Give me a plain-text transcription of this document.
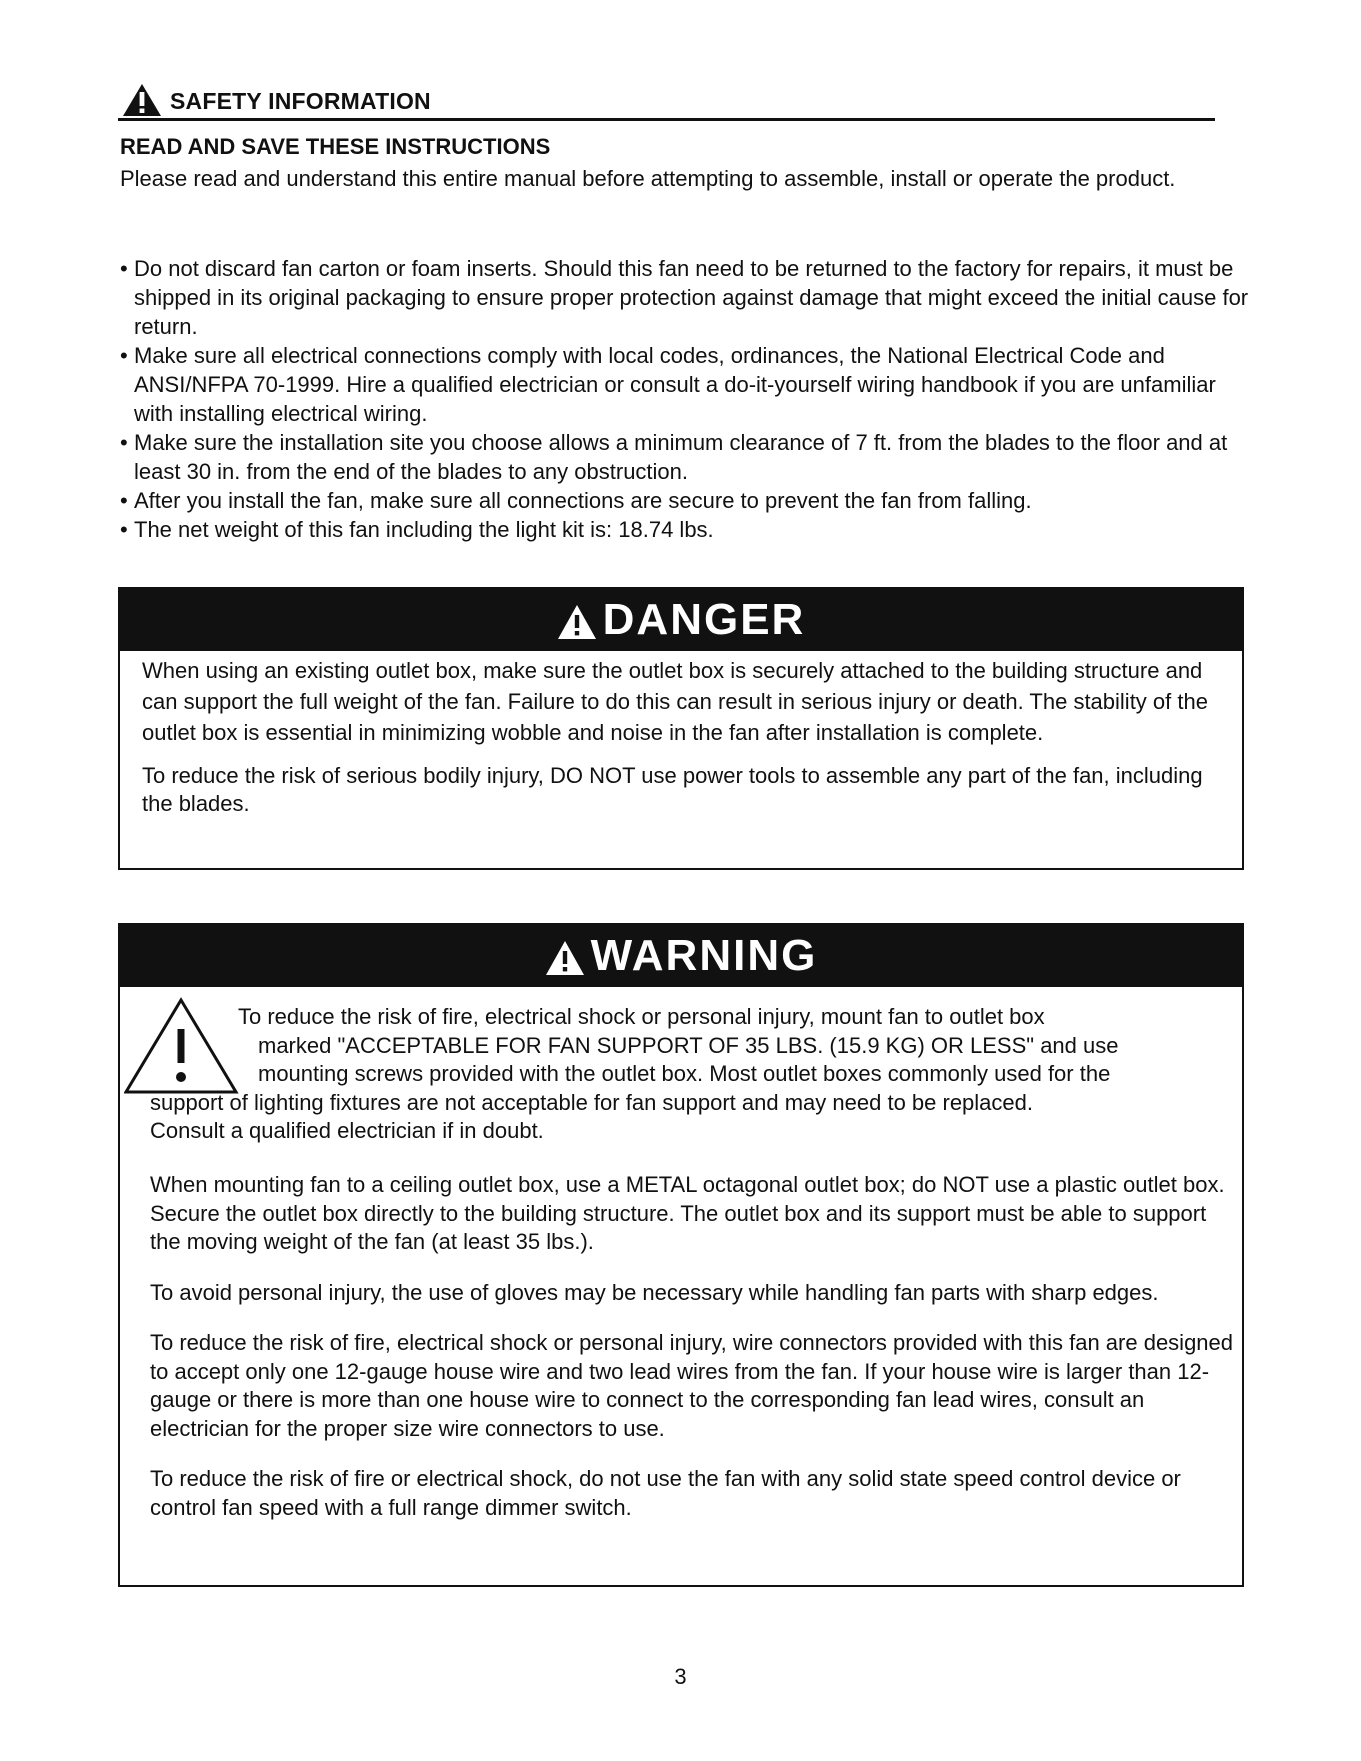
SAFETY INFORMATION
READ AND SAVE THESE INSTRUCTIONS
Please read and understand this entire manual before attempting to assemble, install or operate the product.
• Do not discard fan carton or foam inserts. Should this fan need to be returned to the factory for repairs, it must be shipped in its original packaging to ensure proper protection against damage that might exceed the initial cause for return.
• Make sure all electrical connections comply with local codes, ordinances, the National Electrical Code and ANSI/NFPA 70-1999. Hire a qualified electrician or consult a do-it-yourself wiring handbook if you are unfamiliar with installing electrical wiring.
• Make sure the installation site you choose allows a minimum clearance of 7 ft. from the blades to the floor and at least 30 in. from the end of the blades to any obstruction.
• After you install the fan, make sure all connections are secure to prevent the fan from falling.
• The net weight of this fan including the light kit is: 18.74 lbs.
DANGER

When using an existing outlet box, make sure the outlet box is securely attached to the building structure and can support the full weight of the fan. Failure to do this can result in serious injury or death. The stability of the outlet box is essential in minimizing wobble and noise in the fan after installation is complete.

To reduce the risk of serious bodily injury, DO NOT use power tools to assemble any part of the fan, including the blades.

WARNING
To reduce the risk of fire, electrical shock or personal injury, mount fan to outlet box
marked "ACCEPTABLE FOR FAN SUPPORT OF 35 LBS. (15.9 KG) OR LESS" and use
mounting screws provided with the outlet box. Most outlet boxes commonly used for the
support of lighting fixtures are not acceptable for fan support and may need to be replaced.
Consult a qualified electrician if in doubt.

When mounting fan to a ceiling outlet box, use a METAL octagonal outlet box; do NOT use a plastic outlet box. Secure the outlet box directly to the building structure. The outlet box and its support must be able to support the moving weight of the fan (at least 35 lbs.).

To avoid personal injury, the use of gloves may be necessary while handling fan parts with sharp edges.

To reduce the risk of fire, electrical shock or personal injury, wire connectors provided with this fan are designed to accept only one 12-gauge house wire and two lead wires from the fan. If your house wire is larger than 12-gauge or there is more than one house wire to connect to the corresponding fan lead wires, consult an electrician for the proper size wire connectors to use.

To reduce the risk of fire or electrical shock, do not use the fan with any solid state speed control device or control fan speed with a full range dimmer switch.

3
